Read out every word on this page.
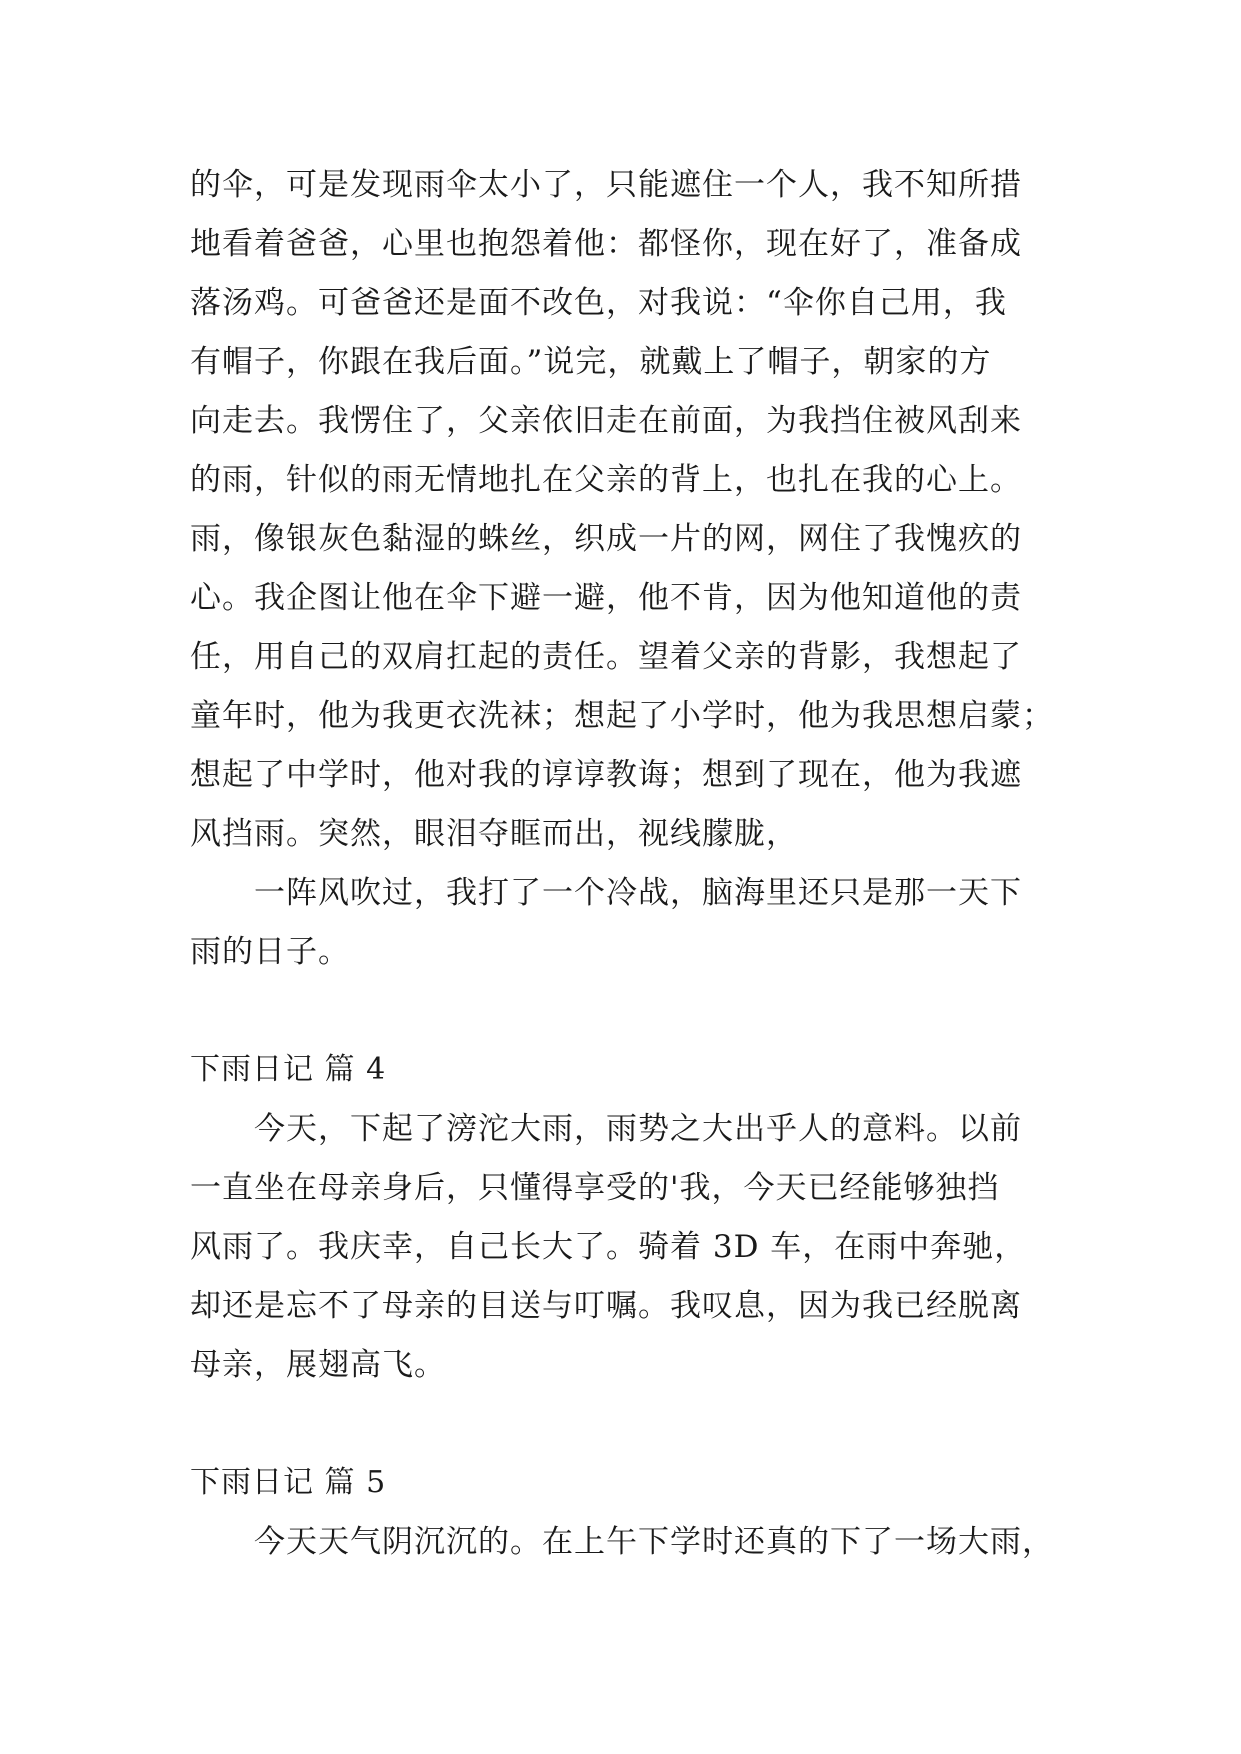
的伞，可是发现雨伞太小了，只能遮住一个人，我不知所措
地看着爸爸，心里也抱怨着他：都怪你，现在好了，准备成
落汤鸡。可爸爸还是面不改色，对我说：“伞你自己用，我
有帽子，你跟在我后面。”说完，就戴上了帽子，朝家的方
向走去。我愣住了，父亲依旧走在前面，为我挡住被风刮来
的雨，针似的雨无情地扎在父亲的背上，也扎在我的心上。
雨，像银灰色黏湿的蛛丝，织成一片的网，网住了我愧疚的
心。我企图让他在伞下避一避，他不肯，因为他知道他的责
任，用自己的双肩扛起的责任。望着父亲的背影，我想起了
童年时，他为我更衣洗袜；想起了小学时，他为我思想启蒙；
想起了中学时，他对我的谆谆教诲；想到了现在，他为我遮
风挡雨。突然，眼泪夺眶而出，视线朦胧，
一阵风吹过，我打了一个冷战，脑海里还只是那一天下
雨的日子。
下雨日记 篇 4
今天，下起了滂沱大雨，雨势之大出乎人的意料。以前
一直坐在母亲身后，只懂得享受的'我，今天已经能够独挡
风雨了。我庆幸，自己长大了。骑着 3D 车，在雨中奔驰，
却还是忘不了母亲的目送与叮嘱。我叹息，因为我已经脱离
母亲，展翅高飞。
下雨日记 篇 5
今天天气阴沉沉的。在上午下学时还真的下了一场大雨，
